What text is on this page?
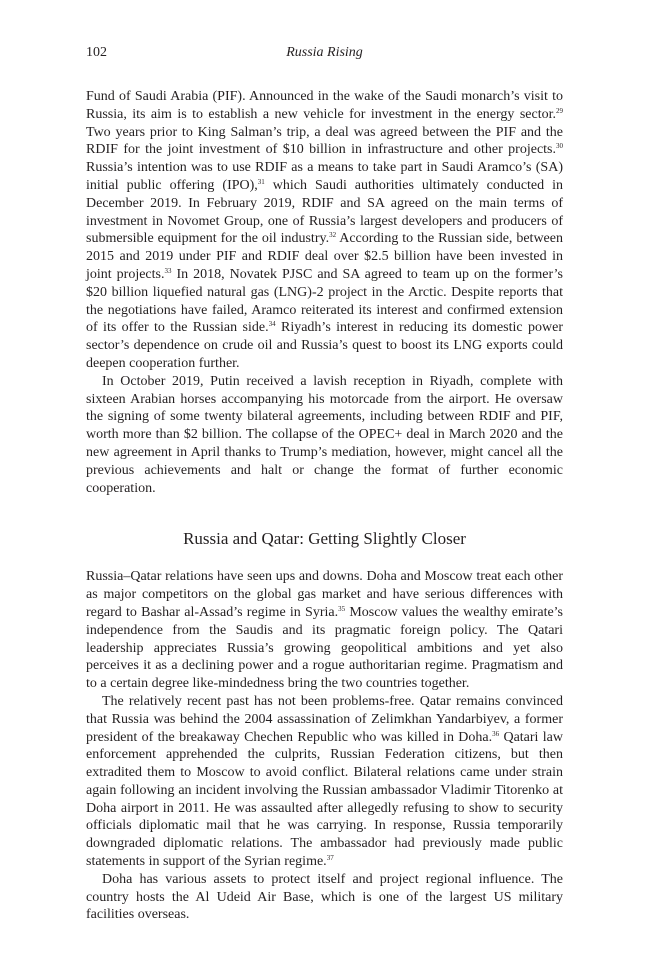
102	Russia Rising

Fund of Saudi Arabia (PIF). Announced in the wake of the Saudi monarch’s visit to Russia, its aim is to establish a new vehicle for investment in the energy sector.$^{29}$ Two years prior to King Salman’s trip, a deal was agreed between the PIF and the RDIF for the joint investment of $10 billion in infrastructure and other projects.$^{30}$ Russia’s intention was to use RDIF as a means to take part in Saudi Aramco’s (SA) initial public offering (IPO),$^{31}$ which Saudi authorities ultimately conducted in December 2019. In February 2019, RDIF and SA agreed on the main terms of investment in Novomet Group, one of Russia’s largest developers and producers of submersible equipment for the oil industry.$^{32}$ According to the Russian side, between 2015 and 2019 under PIF and RDIF deal over $2.5 billion have been invested in joint projects.$^{33}$ In 2018, Novatek PJSC and SA agreed to team up on the former’s $20 billion liquefied natural gas (LNG)-2 project in the Arctic. Despite reports that the negotiations have failed, Aramco reiterated its interest and confirmed extension of its offer to the Russian side.$^{34}$ Riyadh’s interest in reducing its domestic power sector’s dependence on crude oil and Russia’s quest to boost its LNG exports could deepen cooperation further.

In October 2019, Putin received a lavish reception in Riyadh, complete with sixteen Arabian horses accompanying his motorcade from the airport. He oversaw the signing of some twenty bilateral agreements, including between RDIF and PIF, worth more than $2 billion. The collapse of the OPEC+ deal in March 2020 and the new agreement in April thanks to Trump’s mediation, however, might cancel all the previous achievements and halt or change the format of further economic cooperation.

Russia and Qatar: Getting Slightly Closer

Russia–Qatar relations have seen ups and downs. Doha and Moscow treat each other as major competitors on the global gas market and have serious differences with regard to Bashar al-Assad’s regime in Syria.$^{35}$ Moscow values the wealthy emirate’s independence from the Saudis and its pragmatic foreign policy. The Qatari leadership appreciates Russia’s growing geopolitical ambitions and yet also perceives it as a declining power and a rogue authoritarian regime. Pragmatism and to a certain degree like-mindedness bring the two countries together.

The relatively recent past has not been problems-free. Qatar remains convinced that Russia was behind the 2004 assassination of Zelimkhan Yandarbiyev, a former president of the breakaway Chechen Republic who was killed in Doha.$^{36}$ Qatari law enforcement apprehended the culprits, Russian Federation citizens, but then extradited them to Moscow to avoid conflict. Bilateral relations came under strain again following an incident involving the Russian ambassador Vladimir Titorenko at Doha airport in 2011. He was assaulted after allegedly refusing to show to security officials diplomatic mail that he was carrying. In response, Russia temporarily downgraded diplomatic relations. The ambassador had previously made public statements in support of the Syrian regime.$^{37}$

Doha has various assets to protect itself and project regional influence. The country hosts the Al Udeid Air Base, which is one of the largest US military facilities overseas.
